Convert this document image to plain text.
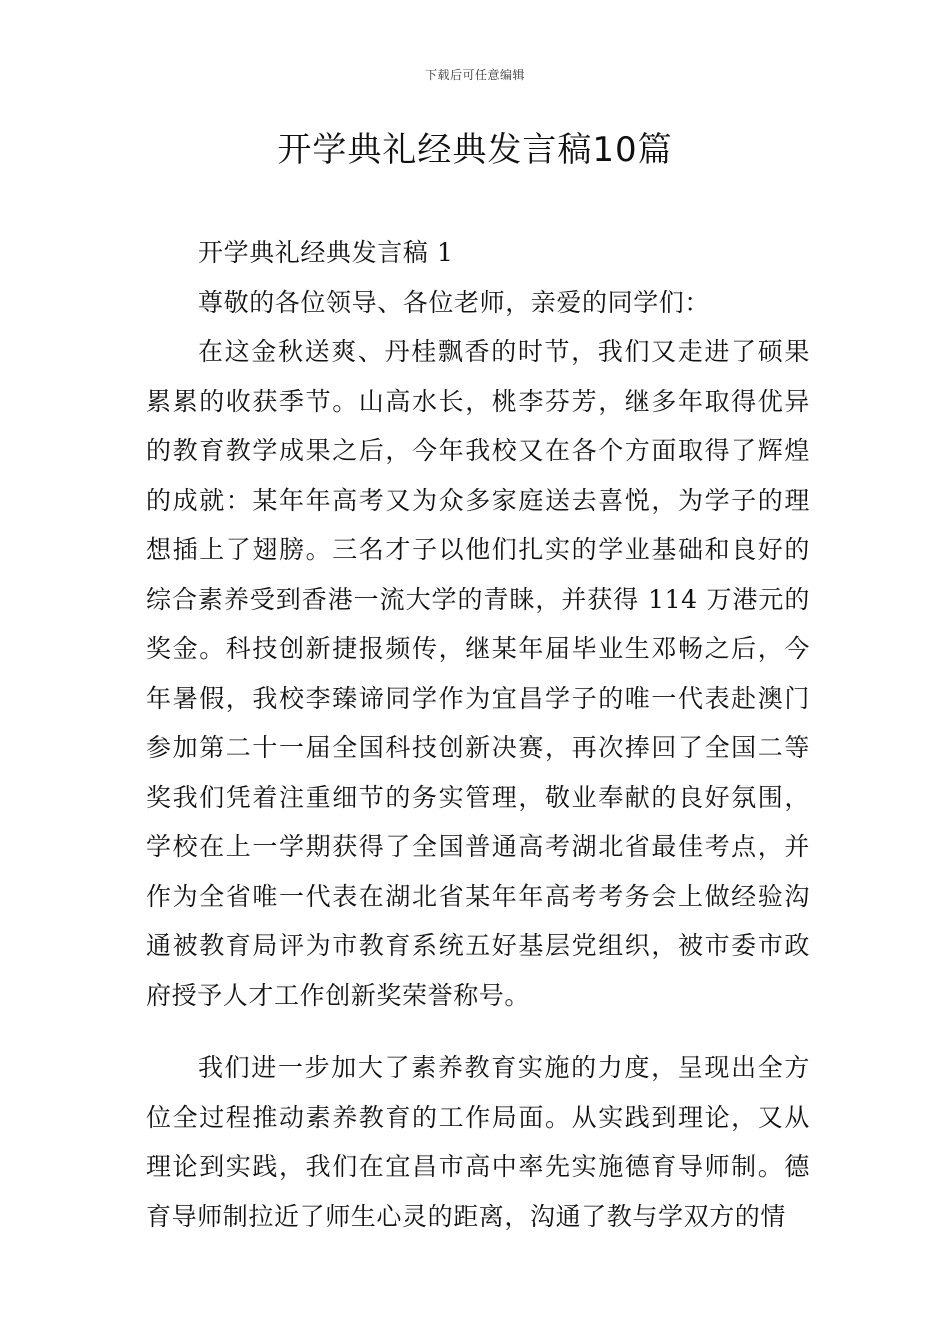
下载后可任意编辑
开学典礼经典发言稿10篇

开学典礼经典发言稿 1

尊敬的各位领导、各位老师，亲爱的同学们：

在这金秋送爽、丹桂飘香的时节，我们又走进了硕果累累的收获季节。山高水长，桃李芬芳，继多年取得优异的教育教学成果之后，今年我校又在各个方面取得了辉煌的成就：某年年高考又为众多家庭送去喜悦，为学子的理想插上了翅膀。三名才子以他们扎实的学业基础和良好的综合素养受到香港一流大学的青睐，并获得 114 万港元的奖金。科技创新捷报频传，继某年届毕业生邓畅之后，今年暑假，我校李臻谛同学作为宜昌学子的唯一代表赴澳门参加第二十一届全国科技创新决赛，再次捧回了全国二等奖我们凭着注重细节的务实管理，敬业奉献的良好氛围，学校在上一学期获得了全国普通高考湖北省最佳考点，并作为全省唯一代表在湖北省某年年高考考务会上做经验沟通被教育局评为市教育系统五好基层党组织，被市委市政府授予人才工作创新奖荣誉称号。

我们进一步加大了素养教育实施的力度，呈现出全方位全过程推动素养教育的工作局面。从实践到理论，又从理论到实践，我们在宜昌市高中率先实施德育导师制。德育导师制拉近了师生心灵的距离，沟通了教与学双方的情
